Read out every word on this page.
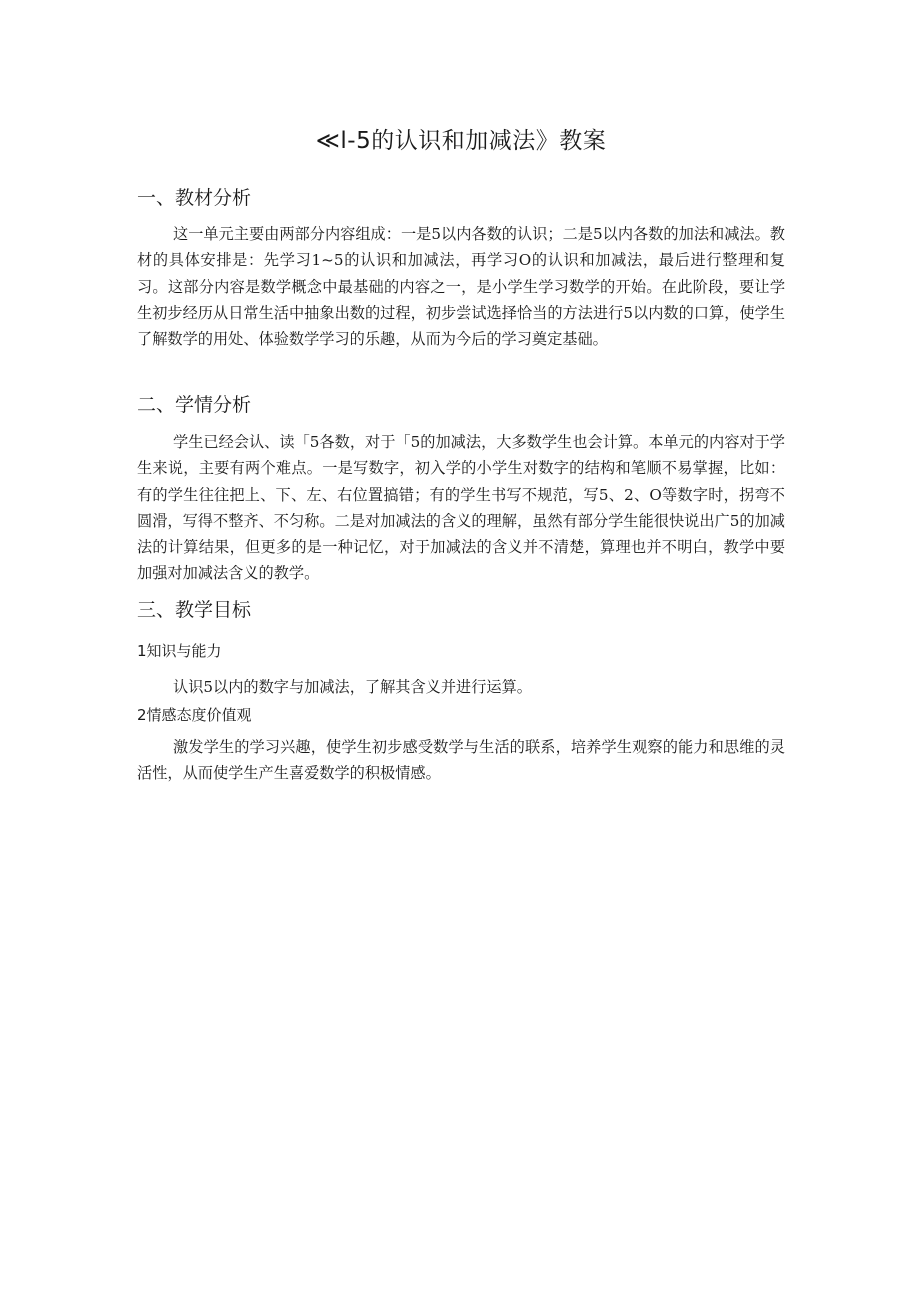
≪l-5的认识和加减法》教案
一、教材分析

这一单元主要由两部分内容组成：一是5以内各数的认识；二是5以内各数的加法和减法。教材的具体安排是：先学习1~5的认识和加减法，再学习O的认识和加减法，最后进行整理和复习。这部分内容是数学概念中最基础的内容之一，是小学生学习数学的开始。在此阶段，要让学生初步经历从日常生活中抽象出数的过程，初步尝试选择恰当的方法进行5以内数的口算，使学生了解数学的用处、体验数学学习的乐趣，从而为今后的学习奠定基础。

二、学情分析

学生已经会认、读「5各数，对于「5的加减法，大多数学生也会计算。本单元的内容对于学生来说，主要有两个难点。一是写数字，初入学的小学生对数字的结构和笔顺不易掌握，比如：有的学生往往把上、下、左、右位置搞错；有的学生书写不规范，写5、2、O等数字时，拐弯不圆滑，写得不整齐、不匀称。二是对加减法的含义的理解，虽然有部分学生能很快说出广5的加减法的计算结果，但更多的是一种记忆，对于加减法的含义并不清楚，算理也并不明白，教学中要加强对加减法含义的教学。

三、教学目标
1知识与能力

认识5以内的数字与加减法，了解其含义并进行运算。

2情感态度价值观

激发学生的学习兴趣，使学生初步感受数学与生活的联系，培养学生观察的能力和思维的灵活性，从而使学生产生喜爱数学的积极情感。
